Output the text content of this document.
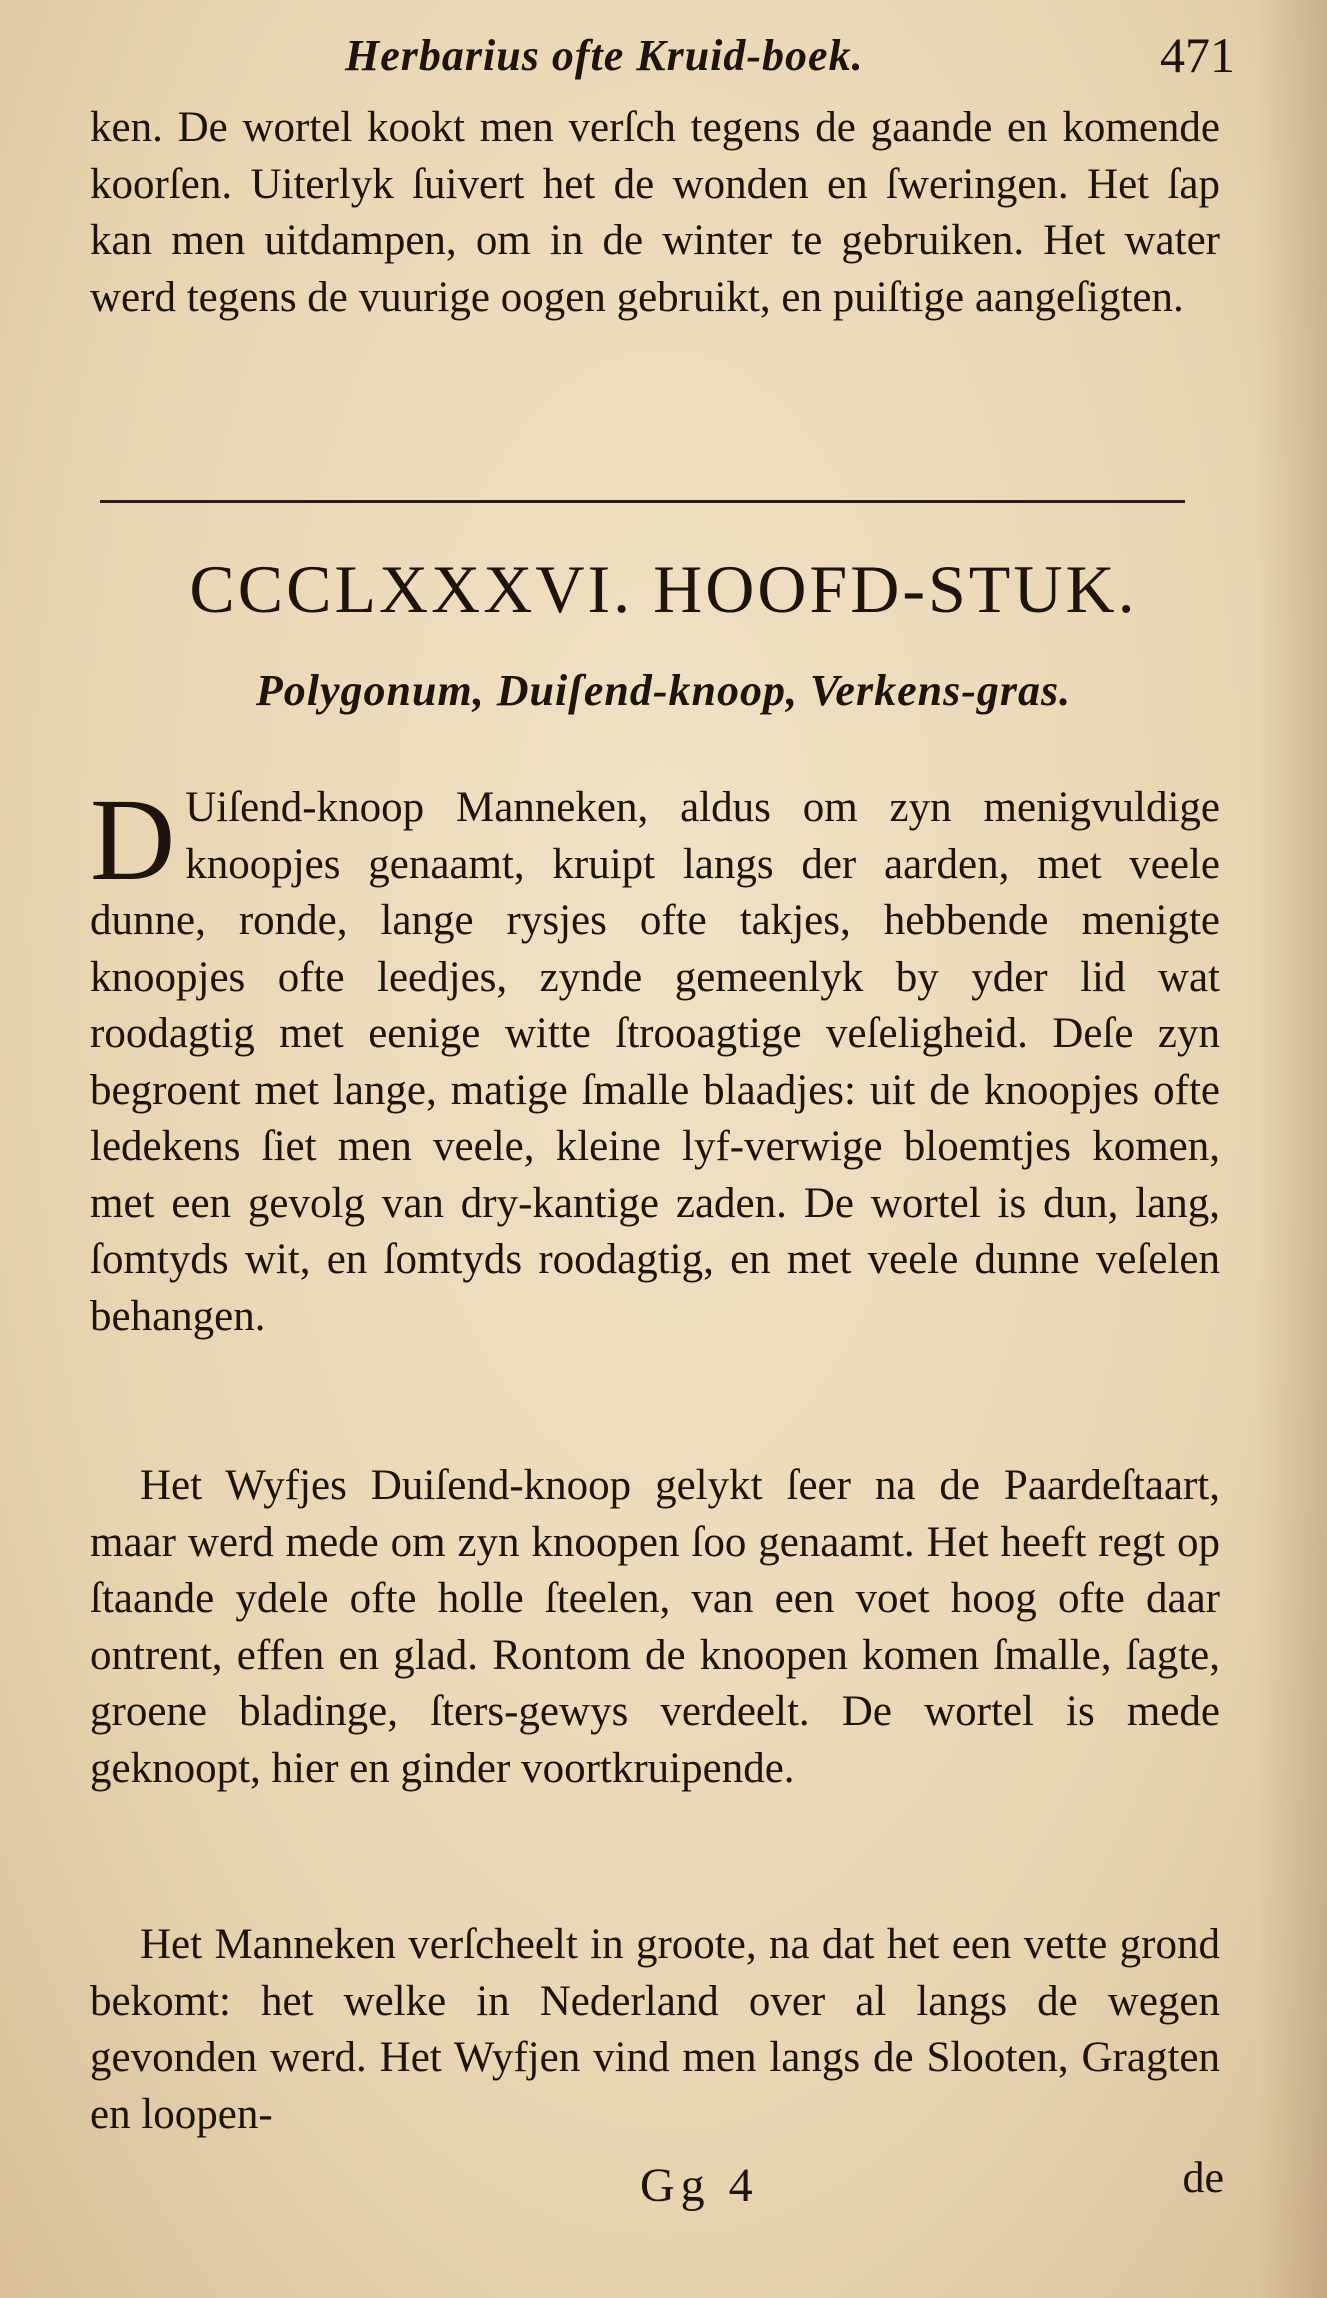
Herbarius ofte Kruid-boek.	471
ken. De wortel kookt men verſch tegens de gaande en komende koorſen. Uiterlyk ſuivert het de wonden en ſweringen. Het ſap kan men uitdampen, om in de winter te gebruiken. Het water werd tegens de vuurige oogen gebruikt, en puiſtige aangeſigten.
CCCLXXXVI. HOOFD-STUK.
Polygonum, Duiſend-knoop, Verkens-gras.
D Uiſend-knoop Manneken, aldus om zyn menigvuldige knoopjes genaamt, kruipt langs der aarden, met veele dunne, ronde, lange rysjes ofte takjes, hebbende menigte knoopjes ofte leedjes, zynde gemeenlyk by yder lid wat roodagtig met eenige witte ſtrooagtige veſeligheid. Deſe zyn begroent met lange, matige ſmalle blaadjes: uit de knoopjes ofte ledekens ſiet men veele, kleine lyf-verwige bloemtjes komen, met een gevolg van dry-kantige zaden. De wortel is dun, lang, ſomtyds wit, en ſomtyds roodagtig, en met veele dunne veſelen behangen.
Het Wyfjes Duiſend-knoop gelykt ſeer na de Paardeſtaart, maar werd mede om zyn knoopen ſoo genaamt. Het heeft regt op ſtaande ydele ofte holle ſteelen, van een voet hoog ofte daar ontrent, effen en glad. Rontom de knoopen komen ſmalle, ſagte, groene bladinge, ſters-gewys verdeelt. De wortel is mede geknoopt, hier en ginder voortkruipende.
Het Manneken verſcheelt in groote, na dat het een vette grond bekomt: het welke in Nederland over al langs de wegen gevonden werd. Het Wyfjen vind men langs de Slooten, Gragten en loopen-
Gg 4	de
